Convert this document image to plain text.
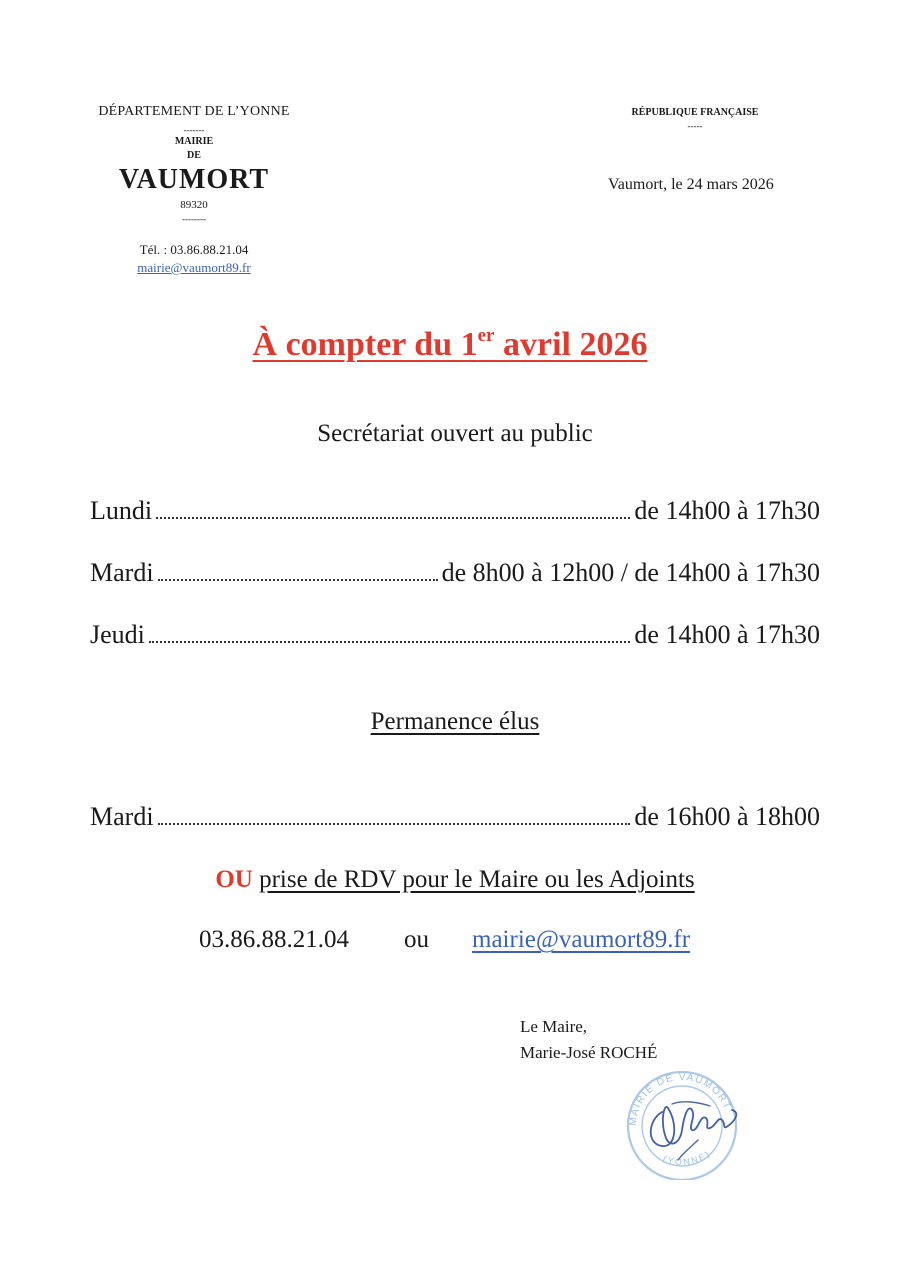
DÉPARTEMENT DE L’YONNE
-------
MAIRIE
DE
VAUMORT
89320
--------
Tél. : 03.86.88.21.04
mairie@vaumort89.fr
RÉPUBLIQUE FRANÇAISE
-----
Vaumort, le 24 mars 2026
À compter du 1er avril 2026
Secrétariat ouvert au public
Lundi	de 14h00 à 17h30
Mardi	de 8h00 à 12h00 / de 14h00 à 17h30
Jeudi	de 14h00 à 17h30
Permanence élus
Mardi	de 16h00 à 18h00
OU prise de RDV pour le Maire ou les Adjoints
03.86.88.21.04 ou mairie@vaumort89.fr
Le Maire,
Marie-José ROCHÉ
MAIRIE DE VAUMORT
(YONNE)
